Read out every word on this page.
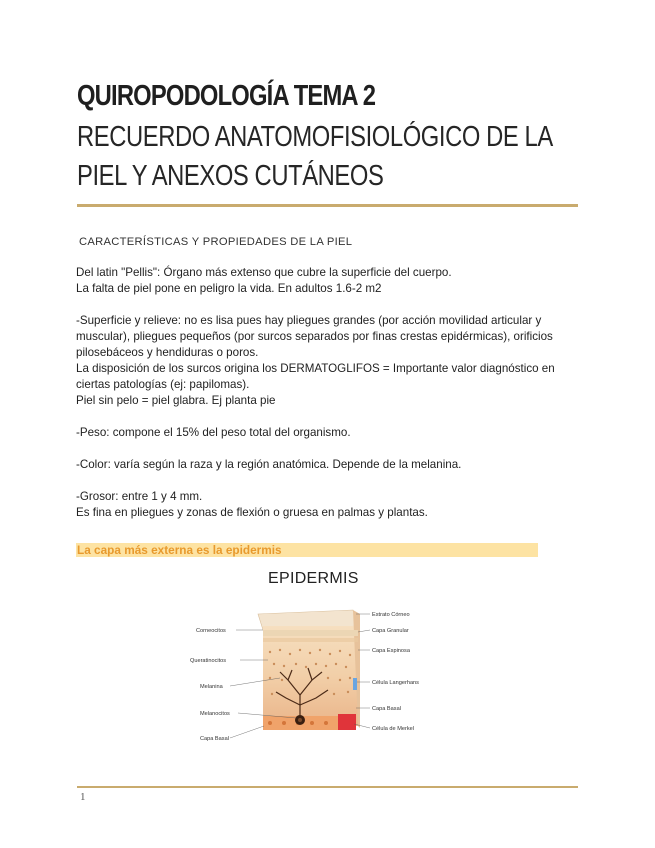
QUIROPODOLOGÍA TEMA 2
RECUERDO ANATOMOFISIOLÓGICO DE LA PIEL Y ANEXOS CUTÁNEOS

CARACTERÍSTICAS Y PROPIEDADES DE LA PIEL

Del latin "Pellis": Órgano más extenso que cubre la superficie del cuerpo.

La falta de piel pone en peligro la vida. En adultos 1.6-2 m2

-Superficie y relieve: no es lisa pues hay pliegues grandes (por acción movilidad articular y muscular), pliegues pequeños (por surcos separados por finas crestas epidérmicas), orificios pilosebáceos y hendiduras o poros.

La disposición de los surcos origina los DERMATOGLIFOS = Importante valor diagnóstico en ciertas patologías (ej: papilomas).

Piel sin pelo = piel glabra. Ej planta pie

-Peso: compone el 15% del peso total del organismo.

-Color: varía según la raza y la región anatómica. Depende de la melanina.

-Grosor: entre 1 y 4 mm.

Es fina en pliegues y zonas de flexión o gruesa en palmas y plantas.

La capa más externa es la epidermis
EPIDERMIS
Corneocitos
Queratinocitos
Melanina
Melanocitos
Capa Basal
Estrato Córneo
Capa Granular
Capa Espinosa
Célula Langerhans
Capa Basal
Célula de Merkel
1
